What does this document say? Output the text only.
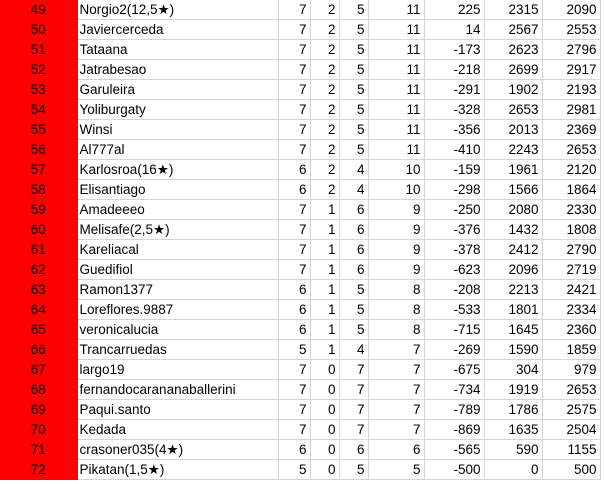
49	Norgio2(12,5★)	7	2	5	11	225	2315	2090
50	Javiercerceda	7	2	5	11	14	2567	2553
51	Tataana	7	2	5	11	-173	2623	2796
52	Jatrabesao	7	2	5	11	-218	2699	2917
53	Garuleira	7	2	5	11	-291	1902	2193
54	Yoliburgaty	7	2	5	11	-328	2653	2981
55	Winsi	7	2	5	11	-356	2013	2369
56	Al777al	7	2	5	11	-410	2243	2653
57	Karlosroa(16★)	6	2	4	10	-159	1961	2120
58	Elisantiago	6	2	4	10	-298	1566	1864
59	Amadeeeo	7	1	6	9	-250	2080	2330
60	Melisafe(2,5★)	7	1	6	9	-376	1432	1808
61	Kareliacal	7	1	6	9	-378	2412	2790
62	Guedifiol	7	1	6	9	-623	2096	2719
63	Ramon1377	6	1	5	8	-208	2213	2421
64	Loreflores.9887	6	1	5	8	-533	1801	2334
65	veronicalucia	6	1	5	8	-715	1645	2360
66	Trancarruedas	5	1	4	7	-269	1590	1859
67	largo19	7	0	7	7	-675	304	979
68	fernandocarananaballerini	7	0	7	7	-734	1919	2653
69	Paqui.santo	7	0	7	7	-789	1786	2575
70	Kedada	7	0	7	7	-869	1635	2504
71	crasoner035(4★)	6	0	6	6	-565	590	1155
72	Pikatan(1,5★)	5	0	5	5	-500	0	500
